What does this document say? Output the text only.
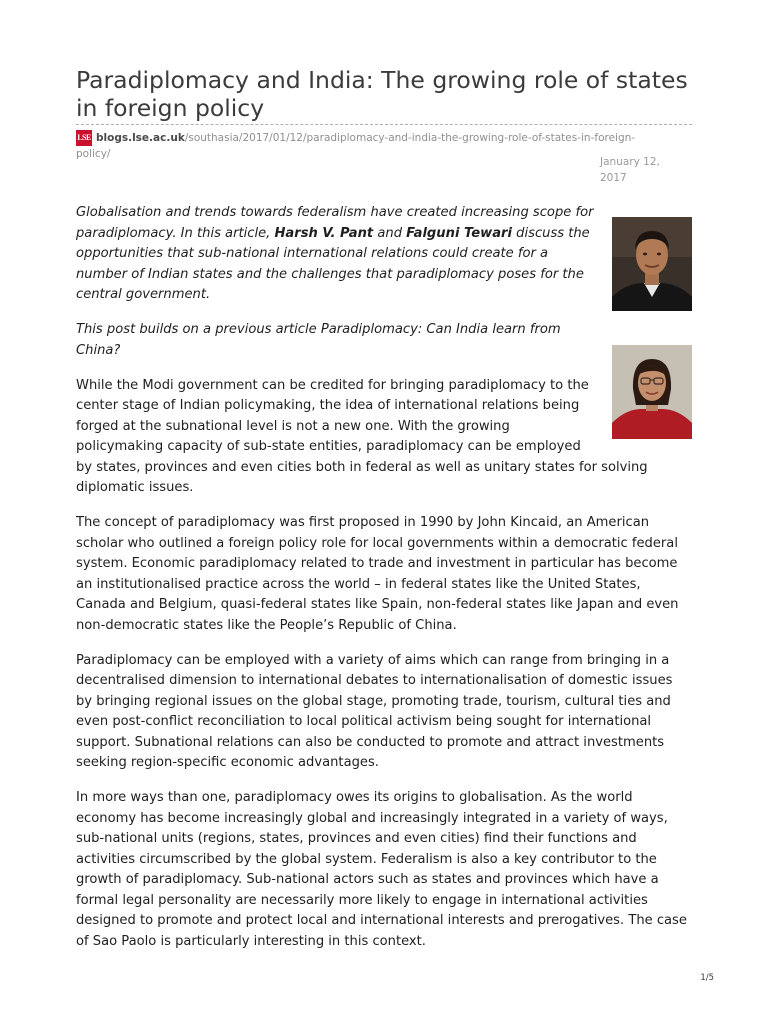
Paradiplomacy and India: The growing role of states in foreign policy
blogs.lse.ac.uk/southasia/2017/01/12/paradiplomacy-and-india-the-growing-role-of-states-in-foreign-policy/
LSE
January 12, 2017

Globalisation and trends towards federalism have created increasing scope for paradiplomacy. In this article, Harsh V. Pant and Falguni Tewari discuss the opportunities that sub-national international relations could create for a number of Indian states and the challenges that paradiplomacy poses for the central government.

This post builds on a previous article Paradiplomacy: Can India learn from China?

While the Modi government can be credited for bringing paradiplomacy to the center stage of Indian policymaking, the idea of international relations being forged at the subnational level is not a new one. With the growing policymaking capacity of sub-state entities, paradiplomacy can be employed by states, provinces and even cities both in federal as well as unitary states for solving diplomatic issues.

The concept of paradiplomacy was first proposed in 1990 by John Kincaid, an American scholar who outlined a foreign policy role for local governments within a democratic federal system. Economic paradiplomacy related to trade and investment in particular has become an institutionalised practice across the world – in federal states like the United States, Canada and Belgium, quasi-federal states like Spain, non-federal states like Japan and even non-democratic states like the People’s Republic of China.

Paradiplomacy can be employed with a variety of aims which can range from bringing in a decentralised dimension to international debates to internationalisation of domestic issues by bringing regional issues on the global stage, promoting trade, tourism, cultural ties and even post-conflict reconciliation to local political activism being sought for international support. Subnational relations can also be conducted to promote and attract investments seeking region-specific economic advantages.

In more ways than one, paradiplomacy owes its origins to globalisation. As the world economy has become increasingly global and increasingly integrated in a variety of ways, sub-national units (regions, states, provinces and even cities) find their functions and activities circumscribed by the global system. Federalism is also a key contributor to the growth of paradiplomacy. Sub-national actors such as states and provinces which have a formal legal personality are necessarily more likely to engage in international activities designed to promote and protect local and international interests and prerogatives. The case of Sao Paolo is particularly interesting in this context.

1/5
